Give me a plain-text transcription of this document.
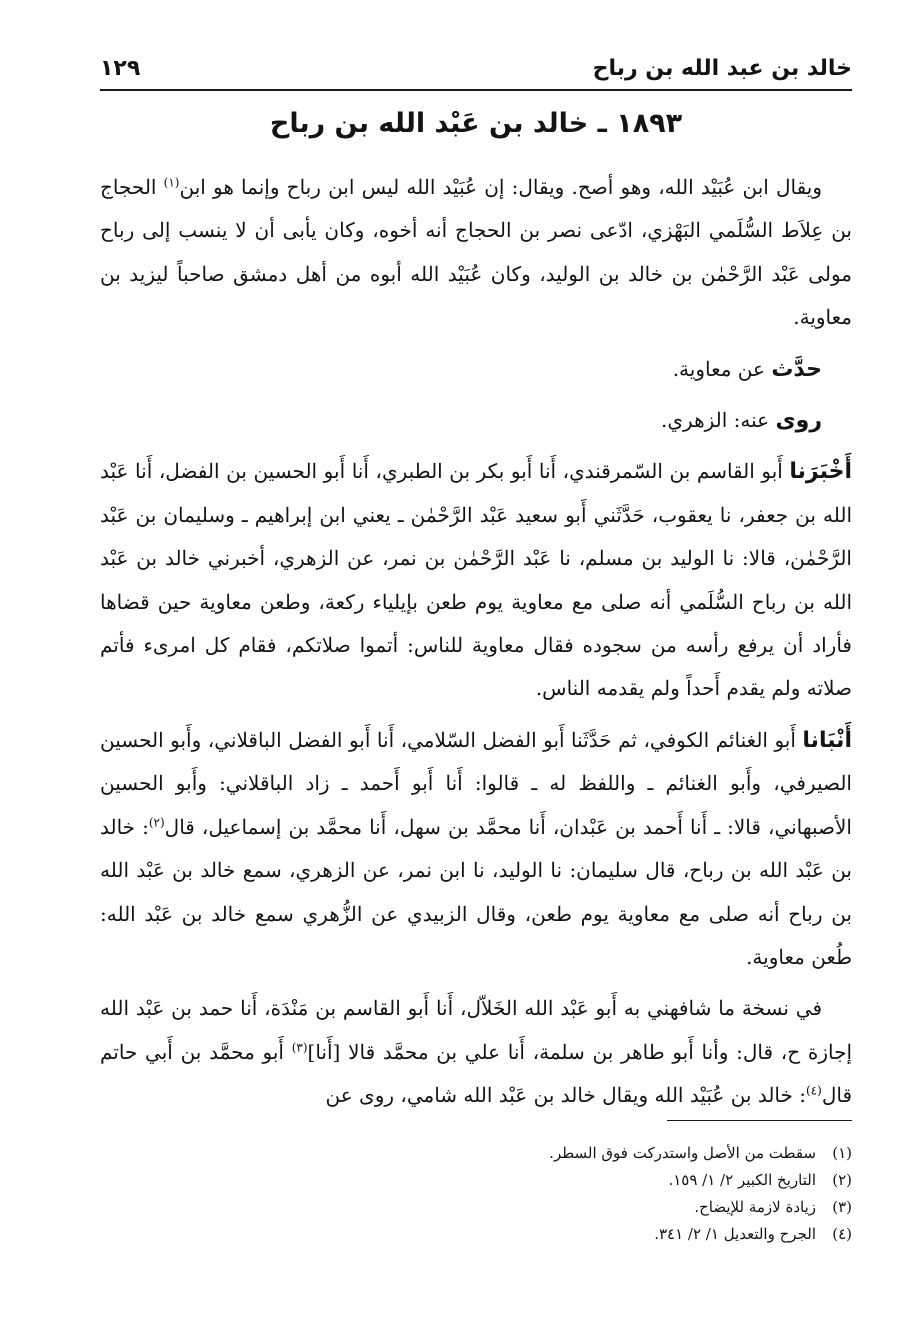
خالد بن عبد الله بن رباح
١٢٩
١٨٩٣ ـ خالد بن عَبْد الله بن رباح

ويقال ابن عُبَيْد الله، وهو أصح. ويقال: إن عُبَيْد الله ليس ابن رباح وإنما هو ابن$^{(١)}$ الحجاج بن عِلاَط السُّلَمي البَهْزي، ادّعى نصر بن الحجاج أنه أخوه، وكان يأبى أن لا ينسب إلى رباح مولى عَبْد الرَّحْمٰن بن خالد بن الوليد، وكان عُبَيْد الله أبوه من أهل دمشق صاحباً ليزيد بن معاوية.

حدَّث عن معاوية.

روى عنه: الزهري.

أَخْبَرَنا أَبو القاسم بن السّمرقندي، أَنا أَبو بكر بن الطبري، أَنا أَبو الحسين بن الفضل، أَنا عَبْد الله بن جعفر، نا يعقوب، حَدَّثَني أَبو سعيد عَبْد الرَّحْمٰن ـ يعني ابن إبراهيم ـ وسليمان بن عَبْد الرَّحْمٰن، قالا: نا الوليد بن مسلم، نا عَبْد الرَّحْمٰن بن نمر، عن الزهري، أخبرني خالد بن عَبْد الله بن رباح السُّلَمي أنه صلى مع معاوية يوم طعن بإيلياء ركعة، وطعن معاوية حين قضاها فأراد أن يرفع رأسه من سجوده فقال معاوية للناس: أتموا صلاتكم، فقام كل امرىء فأتم صلاته ولم يقدم أَحداً ولم يقدمه الناس.

أَنْبَانا أَبو الغنائم الكوفي، ثم حَدَّثَنا أَبو الفضل السّلامي، أَنا أَبو الفضل الباقلاني، وأَبو الحسين الصيرفي، وأَبو الغنائم ـ واللفظ له ـ قالوا: أَنا أَبو أَحمد ـ زاد الباقلاني: وأَبو الحسين الأصبهاني، قالا: ـ أَنا أَحمد بن عَبْدان، أَنا محمَّد بن سهل، أَنا محمَّد بن إسماعيل، قال$^{(٢)}$: خالد بن عَبْد الله بن رباح، قال سليمان: نا الوليد، نا ابن نمر، عن الزهري، سمع خالد بن عَبْد الله بن رباح أنه صلى مع معاوية يوم طعن، وقال الزبيدي عن الزُّهري سمع خالد بن عَبْد الله: طُعن معاوية.

في نسخة ما شافهني به أَبو عَبْد الله الخَلاّل، أَنا أَبو القاسم بن مَنْدَة، أَنا حمد بن عَبْد الله إجازة ح، قال: وأنا أَبو طاهر بن سلمة، أَنا علي بن محمَّد قالا [أَنا]$^{(٣)}$ أَبو محمَّد بن أَبي حاتم قال$^{(٤)}$: خالد بن عُبَيْد الله ويقال خالد بن عَبْد الله شامي، روى عن

(١)سقطت من الأصل واستدركت فوق السطر.
(٢)التاريخ الكبير ٢/ ١/ ١٥٩.
(٣)زيادة لازمة للإيضاح.
(٤)الجرح والتعديل ١/ ٢/ ٣٤١.
